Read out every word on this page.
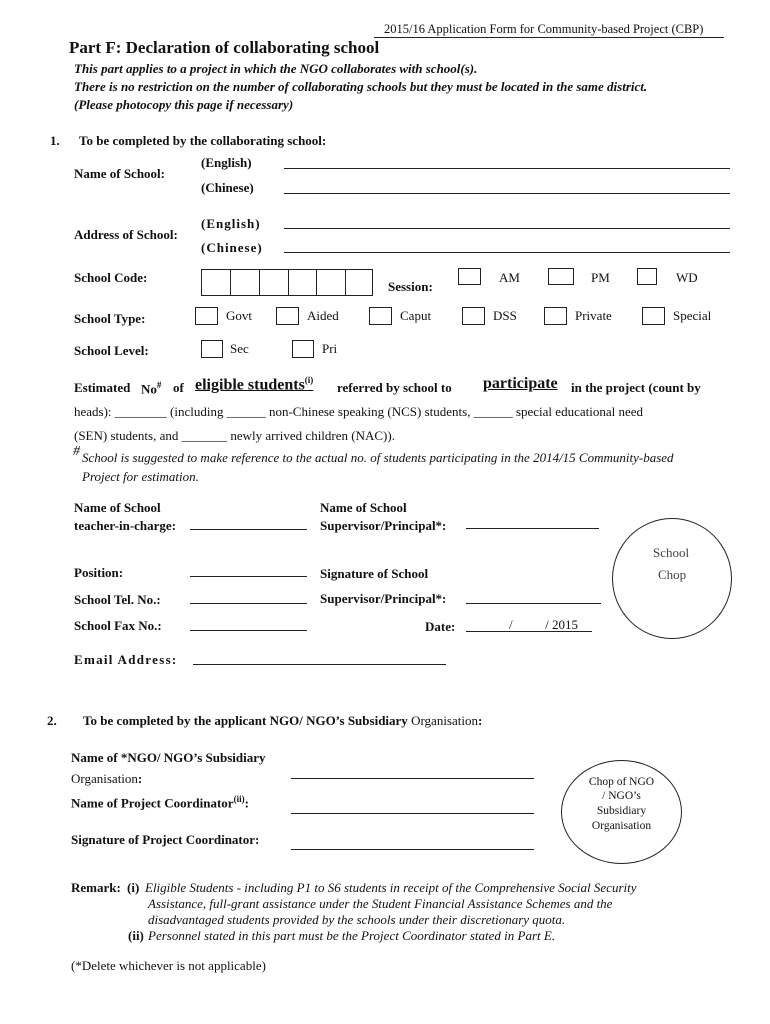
2015/16 Application Form for Community-based Project (CBP)
Part F: Declaration of collaborating school
This part applies to a project in which the NGO collaborates with school(s).
There is no restriction on the number of collaborating schools but they must be located in the same district.
(Please photocopy this page if necessary)
1. To be completed by the collaborating school:
Name of School:
(English)
(Chinese)
Address of School:
(English)
(Chinese)
School Code:
Session:
AM	PM	WD
School Type:	Govt	Aided	Caput	DSS	Private	Special
School Level:	Sec	Pri
Estimated No# of eligible students$^{(i)}$ referred by school to participate in the project (count by
heads): ________ (including ______ non-Chinese speaking (NCS) students, ______ special educational need
(SEN) students, and _______ newly arrived children (NAC)).
# School is suggested to make reference to the actual no. of students participating in the 2014/15 Community-based
Project for estimation.
Name of School
teacher-in-charge:
Name of School
Supervisor/Principal*:
Position:	Signature of School
Supervisor/Principal*:
School Tel. No.:
School Fax No.:	Date:	/          / 2015
Email Address:
School
Chop
2. To be completed by the applicant NGO/ NGO’s Subsidiary Organisation:
Name of *NGO/ NGO’s Subsidiary
Organisation:
Name of Project Coordinator$^{(ii)}$:
Signature of Project Coordinator:
Chop of NGO
/ NGO’s
Subsidiary
Organisation
Remark: (i) Eligible Students - including P1 to S6 students in receipt of the Comprehensive Social Security
Assistance, full-grant assistance under the Student Financial Assistance Schemes and the
disadvantaged students provided by the schools under their discretionary quota.
(ii) Personnel stated in this part must be the Project Coordinator stated in Part E.
(*Delete whichever is not applicable)
